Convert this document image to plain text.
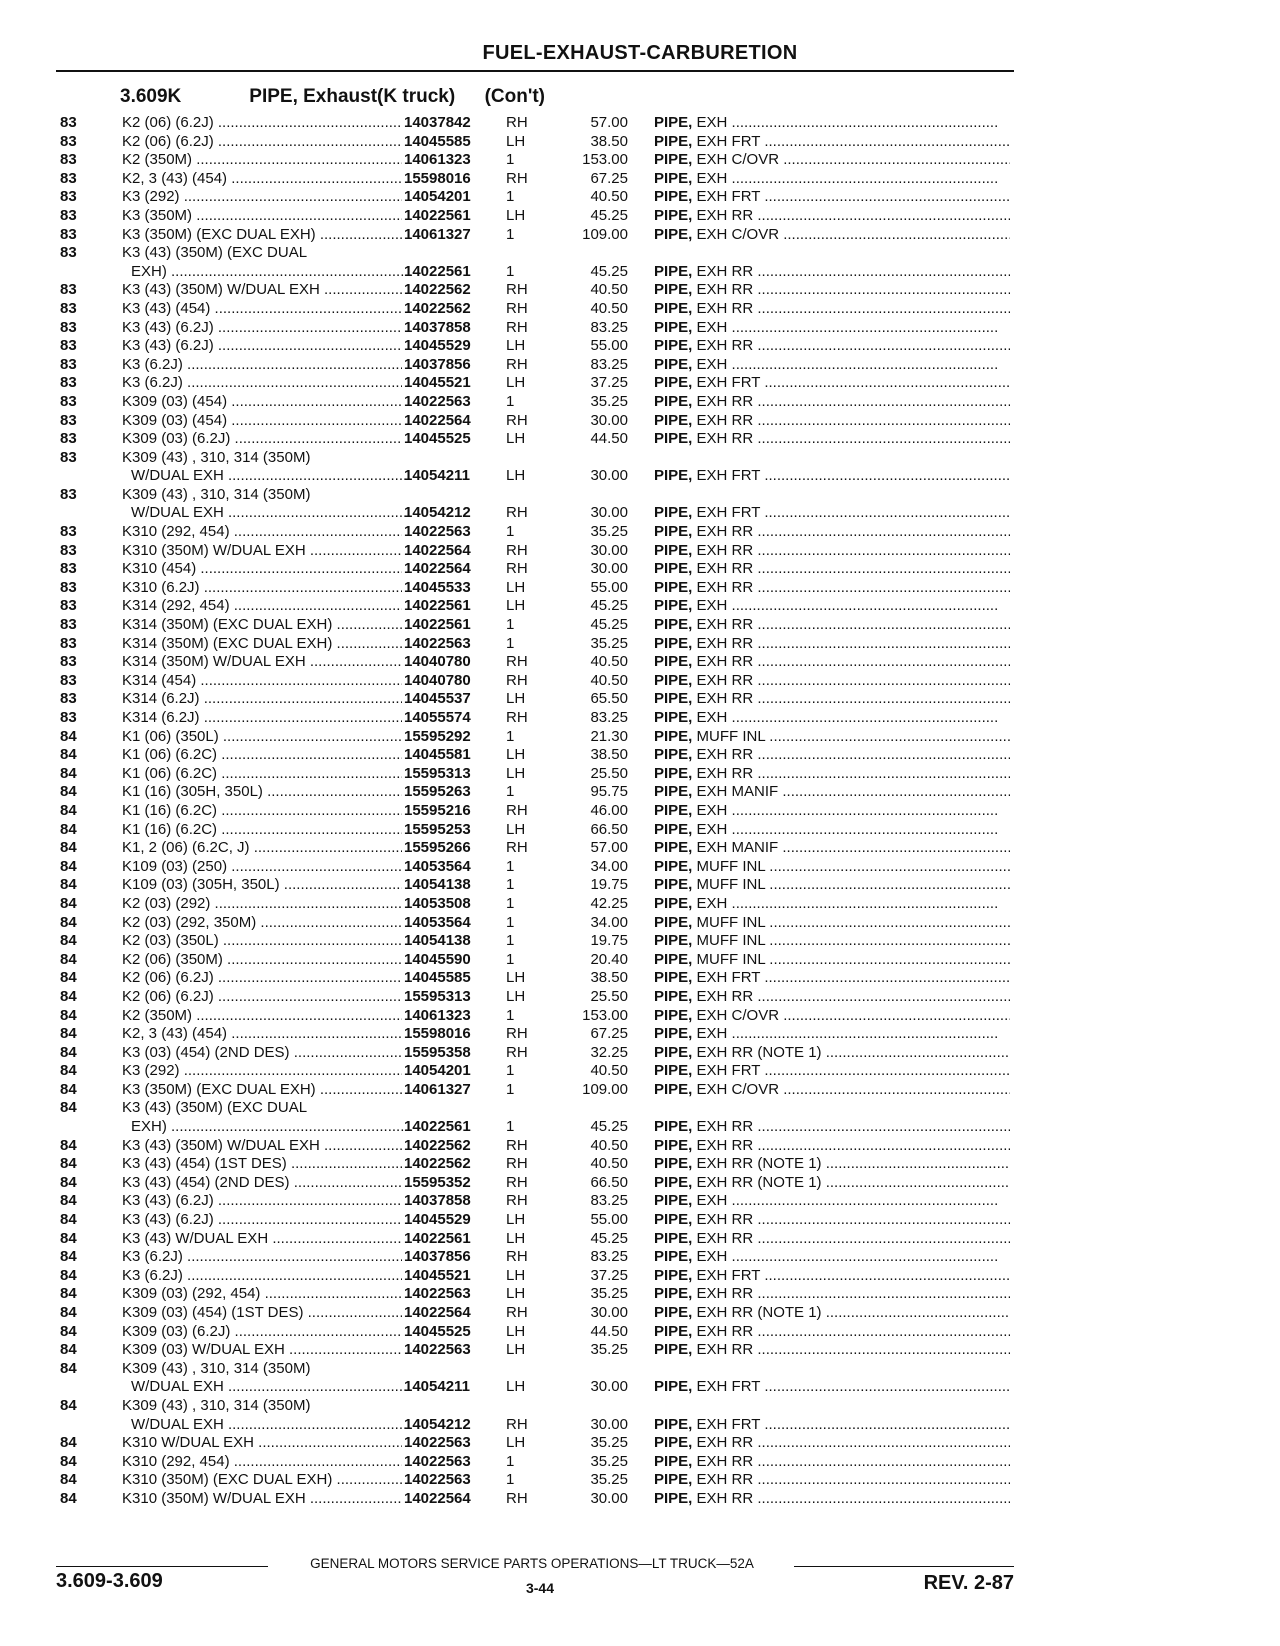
FUEL-EXHAUST-CARBURETION
3.609K	PIPE, Exhaust(K truck) (Con't)
83	K2 (06) (6.2J) .....	14037842 RH	57.00 PIPE, EXH .....
83	K2 (06) (6.2J) .....	14045585 LH	38.50 PIPE, EXH FRT .....
83	K2 (350M) .....	14061323 1	153.00 PIPE, EXH C/OVR .....
83	K2, 3 (43) (454) .....	15598016 RH	67.25 PIPE, EXH .....
83	K3 (292) .....	14054201 1	40.50 PIPE, EXH FRT .....
83	K3 (350M) .....	14022561 LH	45.25 PIPE, EXH RR .....
83	K3 (350M) (EXC DUAL EXH) .....	14061327 1	109.00 PIPE, EXH C/OVR .....
83	K3 (43) (350M) (EXC DUAL
EXH) .....	14022561 1	45.25 PIPE, EXH RR .....
83	K3 (43) (350M) W/DUAL EXH .....	14022562 RH	40.50 PIPE, EXH RR .....
83	K3 (43) (454) .....	14022562 RH	40.50 PIPE, EXH RR .....
83	K3 (43) (6.2J) .....	14037858 RH	83.25 PIPE, EXH .....
83	K3 (43) (6.2J) .....	14045529 LH	55.00 PIPE, EXH RR .....
83	K3 (6.2J) .....	14037856 RH	83.25 PIPE, EXH .....
83	K3 (6.2J) .....	14045521 LH	37.25 PIPE, EXH FRT .....
83	K309 (03) (454) .....	14022563 1	35.25 PIPE, EXH RR .....
83	K309 (03) (454) .....	14022564 RH	30.00 PIPE, EXH RR .....
83	K309 (03) (6.2J) .....	14045525 LH	44.50 PIPE, EXH RR .....
83	K309 (43) , 310, 314 (350M)
W/DUAL EXH .....	14054211 LH	30.00 PIPE, EXH FRT .....
83	K309 (43) , 310, 314 (350M)
W/DUAL EXH .....	14054212 RH	30.00 PIPE, EXH FRT .....
83	K310 (292, 454) .....	14022563 1	35.25 PIPE, EXH RR .....
83	K310 (350M) W/DUAL EXH .....	14022564 RH	30.00 PIPE, EXH RR .....
83	K310 (454) .....	14022564 RH	30.00 PIPE, EXH RR .....
83	K310 (6.2J) .....	14045533 LH	55.00 PIPE, EXH RR .....
83	K314 (292, 454) .....	14022561 LH	45.25 PIPE, EXH .....
83	K314 (350M) (EXC DUAL EXH) .....	14022561 1	45.25 PIPE, EXH RR .....
83	K314 (350M) (EXC DUAL EXH) .....	14022563 1	35.25 PIPE, EXH RR .....
83	K314 (350M) W/DUAL EXH .....	14040780 RH	40.50 PIPE, EXH RR .....
83	K314 (454) .....	14040780 RH	40.50 PIPE, EXH RR .....
83	K314 (6.2J) .....	14045537 LH	65.50 PIPE, EXH RR .....
83	K314 (6.2J) .....	14055574 RH	83.25 PIPE, EXH .....
84	K1 (06) (350L) .....	15595292 1	21.30 PIPE, MUFF INL .....
84	K1 (06) (6.2C) .....	14045581 LH	38.50 PIPE, EXH RR .....
84	K1 (06) (6.2C) .....	15595313 LH	25.50 PIPE, EXH RR .....
84	K1 (16) (305H, 350L) .....	15595263 1	95.75 PIPE, EXH MANIF .....
84	K1 (16) (6.2C) .....	15595216 RH	46.00 PIPE, EXH .....
84	K1 (16) (6.2C) .....	15595253 LH	66.50 PIPE, EXH .....
84	K1, 2 (06) (6.2C, J) .....	15595266 RH	57.00 PIPE, EXH MANIF .....
84	K109 (03) (250) .....	14053564 1	34.00 PIPE, MUFF INL .....
84	K109 (03) (305H, 350L) .....	14054138 1	19.75 PIPE, MUFF INL .....
84	K2 (03) (292) .....	14053508 1	42.25 PIPE, EXH .....
84	K2 (03) (292, 350M) .....	14053564 1	34.00 PIPE, MUFF INL .....
84	K2 (03) (350L) .....	14054138 1	19.75 PIPE, MUFF INL .....
84	K2 (06) (350M) .....	14045590 1	20.40 PIPE, MUFF INL .....
84	K2 (06) (6.2J) .....	14045585 LH	38.50 PIPE, EXH FRT .....
84	K2 (06) (6.2J) .....	15595313 LH	25.50 PIPE, EXH RR .....
84	K2 (350M) .....	14061323 1	153.00 PIPE, EXH C/OVR .....
84	K2, 3 (43) (454) .....	15598016 RH	67.25 PIPE, EXH .....
84	K3 (03) (454) (2ND DES) .....	15595358 RH	32.25 PIPE, EXH RR (NOTE 1) .....
84	K3 (292) .....	14054201 1	40.50 PIPE, EXH FRT .....
84	K3 (350M) (EXC DUAL EXH) .....	14061327 1	109.00 PIPE, EXH C/OVR .....
84	K3 (43) (350M) (EXC DUAL
EXH) .....	14022561 1	45.25 PIPE, EXH RR .....
84	K3 (43) (350M) W/DUAL EXH .....	14022562 RH	40.50 PIPE, EXH RR .....
84	K3 (43) (454) (1ST DES) .....	14022562 RH	40.50 PIPE, EXH RR (NOTE 1) .....
84	K3 (43) (454) (2ND DES) .....	15595352 RH	66.50 PIPE, EXH RR (NOTE 1) .....
84	K3 (43) (6.2J) .....	14037858 RH	83.25 PIPE, EXH .....
84	K3 (43) (6.2J) .....	14045529 LH	55.00 PIPE, EXH RR .....
84	K3 (43) W/DUAL EXH .....	14022561 LH	45.25 PIPE, EXH RR .....
84	K3 (6.2J) .....	14037856 RH	83.25 PIPE, EXH .....
84	K3 (6.2J) .....	14045521 LH	37.25 PIPE, EXH FRT .....
84	K309 (03) (292, 454) .....	14022563 LH	35.25 PIPE, EXH RR .....
84	K309 (03) (454) (1ST DES) .....	14022564 RH	30.00 PIPE, EXH RR (NOTE 1) .....
84	K309 (03) (6.2J) .....	14045525 LH	44.50 PIPE, EXH RR .....
84	K309 (03) W/DUAL EXH .....	14022563 LH	35.25 PIPE, EXH RR .....
84	K309 (43) , 310, 314 (350M)
W/DUAL EXH .....	14054211 LH	30.00 PIPE, EXH FRT .....
84	K309 (43) , 310, 314 (350M)
W/DUAL EXH .....	14054212 RH	30.00 PIPE, EXH FRT .....
84	K310 W/DUAL EXH .....	14022563 LH	35.25 PIPE, EXH RR .....
84	K310 (292, 454) .....	14022563 1	35.25 PIPE, EXH RR .....
84	K310 (350M) (EXC DUAL EXH) .....	14022563 1	35.25 PIPE, EXH RR .....
84	K310 (350M) W/DUAL EXH .....	14022564 RH	30.00 PIPE, EXH RR .....
GENERAL MOTORS SERVICE PARTS OPERATIONS—LT TRUCK—52A
3.609-3.609	3-44	REV. 2-87
